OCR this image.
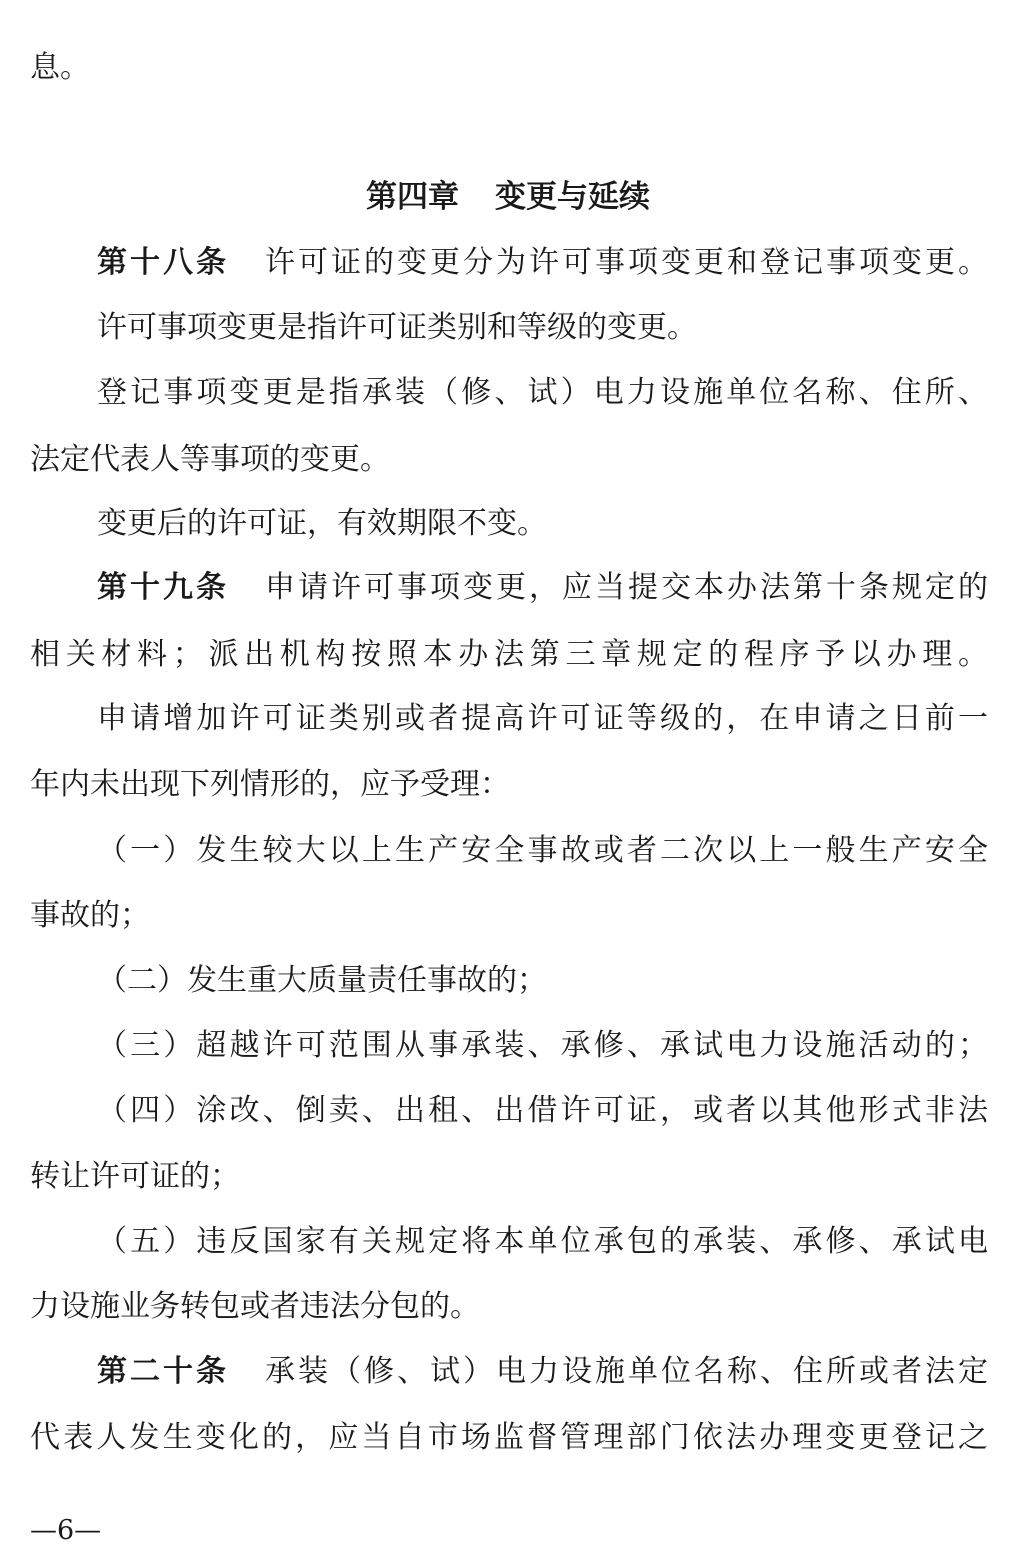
息。
第四章 变更与延续
第十八条 许可证的变更分为许可事项变更和登记事项变更。
许可事项变更是指许可证类别和等级的变更。
登记事项变更是指承装（修、试）电力设施单位名称、住所、
法定代表人等事项的变更。
变更后的许可证，有效期限不变。
第十九条 申请许可事项变更，应当提交本办法第十条规定的
相关材料；派出机构按照本办法第三章规定的程序予以办理。
申请增加许可证类别或者提高许可证等级的，在申请之日前一
年内未出现下列情形的，应予受理：
（一）发生较大以上生产安全事故或者二次以上一般生产安全
事故的；
（二）发生重大质量责任事故的；
（三）超越许可范围从事承装、承修、承试电力设施活动的；
（四）涂改、倒卖、出租、出借许可证，或者以其他形式非法
转让许可证的；
（五）违反国家有关规定将本单位承包的承装、承修、承试电
力设施业务转包或者违法分包的。
第二十条 承装（修、试）电力设施单位名称、住所或者法定
代表人发生变化的，应当自市场监督管理部门依法办理变更登记之
—6—
